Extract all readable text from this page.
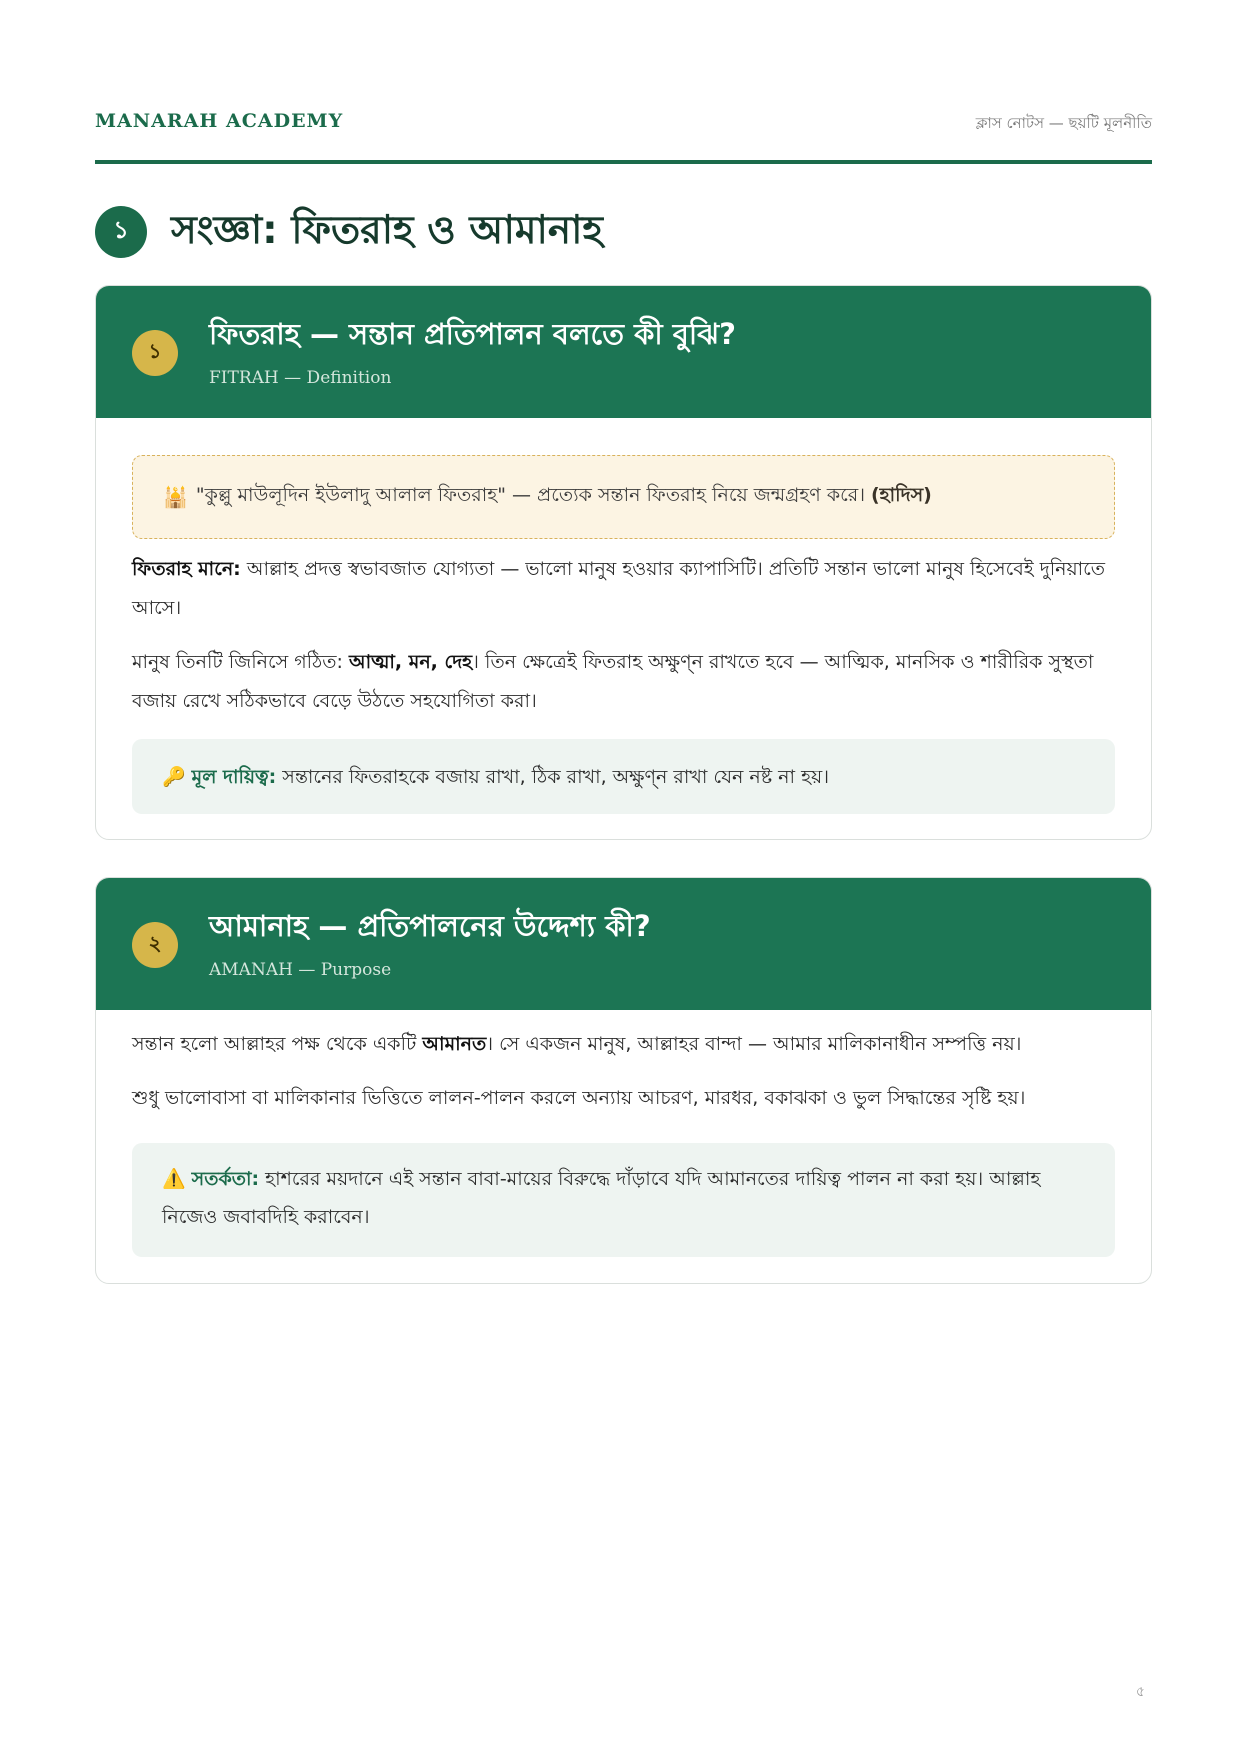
MANARAH ACADEMY	ক্লাস নোটস — ছয়টি মূলনীতি
১	সংজ্ঞা: ফিতরাহ ও আমানাহ
১	ফিতরাহ — সন্তান প্রতিপালন বলতে কী বুঝি?
FITRAH — Definition
🕌 "কুল্লু মাউলূদিন ইউলাদু আলাল ফিতরাহ" — প্রত্যেক সন্তান ফিতরাহ নিয়ে জন্মগ্রহণ করে। (হাদিস)
ফিতরাহ মানে: আল্লাহ প্রদত্ত স্বভাবজাত যোগ্যতা — ভালো মানুষ হওয়ার ক্যাপাসিটি। প্রতিটি সন্তান ভালো মানুষ হিসেবেই দুনিয়াতে আসে।
মানুষ তিনটি জিনিসে গঠিত: আত্মা, মন, দেহ। তিন ক্ষেত্রেই ফিতরাহ অক্ষুণ্ন রাখতে হবে — আত্মিক, মানসিক ও শারীরিক সুস্থতা বজায় রেখে সঠিকভাবে বেড়ে উঠতে সহযোগিতা করা।
🔑 মূল দায়িত্ব: সন্তানের ফিতরাহকে বজায় রাখা, ঠিক রাখা, অক্ষুণ্ন রাখা যেন নষ্ট না হয়।
২	আমানাহ — প্রতিপালনের উদ্দেশ্য কী?
AMANAH — Purpose
সন্তান হলো আল্লাহর পক্ষ থেকে একটি আমানত। সে একজন মানুষ, আল্লাহর বান্দা — আমার মালিকানাধীন সম্পত্তি নয়।
শুধু ভালোবাসা বা মালিকানার ভিত্তিতে লালন-পালন করলে অন্যায় আচরণ, মারধর, বকাঝকা ও ভুল সিদ্ধান্তের সৃষ্টি হয়।
⚠️ সতর্কতা: হাশরের ময়দানে এই সন্তান বাবা-মায়ের বিরুদ্ধে দাঁড়াবে যদি আমানতের দায়িত্ব পালন না করা হয়। আল্লাহ নিজেও জবাবদিহি করাবেন।
৫
